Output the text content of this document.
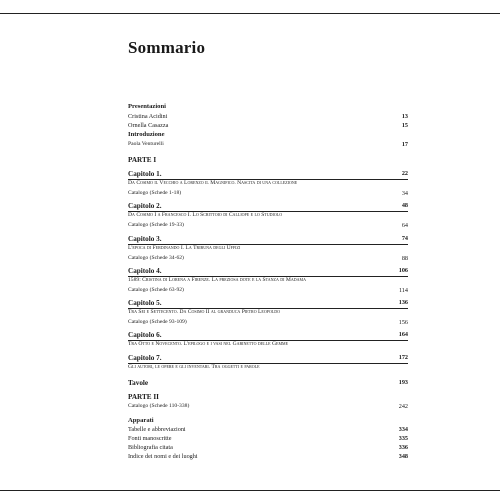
Sommario
Presentazioni
Cristina Acidini	13
Ornella Casazza	15
Introduzione
Paola Venturelli	17
PARTE I
Capitolo 1.	22
Da Cosimo il Vecchio a Lorenzo il Magnifico. Nascita di una collezione
Catalogo (Schede 1-18)	34
Capitolo 2.	48
Da Cosimo I a Francesco I. Lo Scrittoio di Calliope e lo Studiolo
Catalogo (Schede 19-33)	64
Capitolo 3.	74
L'epoca di Ferdinando I. La Tribuna degli Uffizi
Catalogo (Schede 34-62)	88
Capitolo 4.	106
1589: Cristina di Lorena a Firenze. La preziosa dote e la Stanza di Madama
Catalogo (Schede 63-92)	114
Capitolo 5.	136
Tra Sei e Settecento. Da Cosimo II al granduca Pietro Leopoldo
Catalogo (Schede 93-109)	156
Capitolo 6.	164
Tra Otto e Novecento. L'epilogo e i vasi nel Gabinetto delle Gemme
Capitolo 7.	172
Gli autori, le opere e gli inventari. Tra oggetti e parole
Tavole	193
PARTE II
Catalogo (Schede 110-338)	242
Apparati
Tabelle e abbreviazioni	334
Fonti manoscritte	335
Bibliografia citata	336
Indice dei nomi e dei luoghi	348
